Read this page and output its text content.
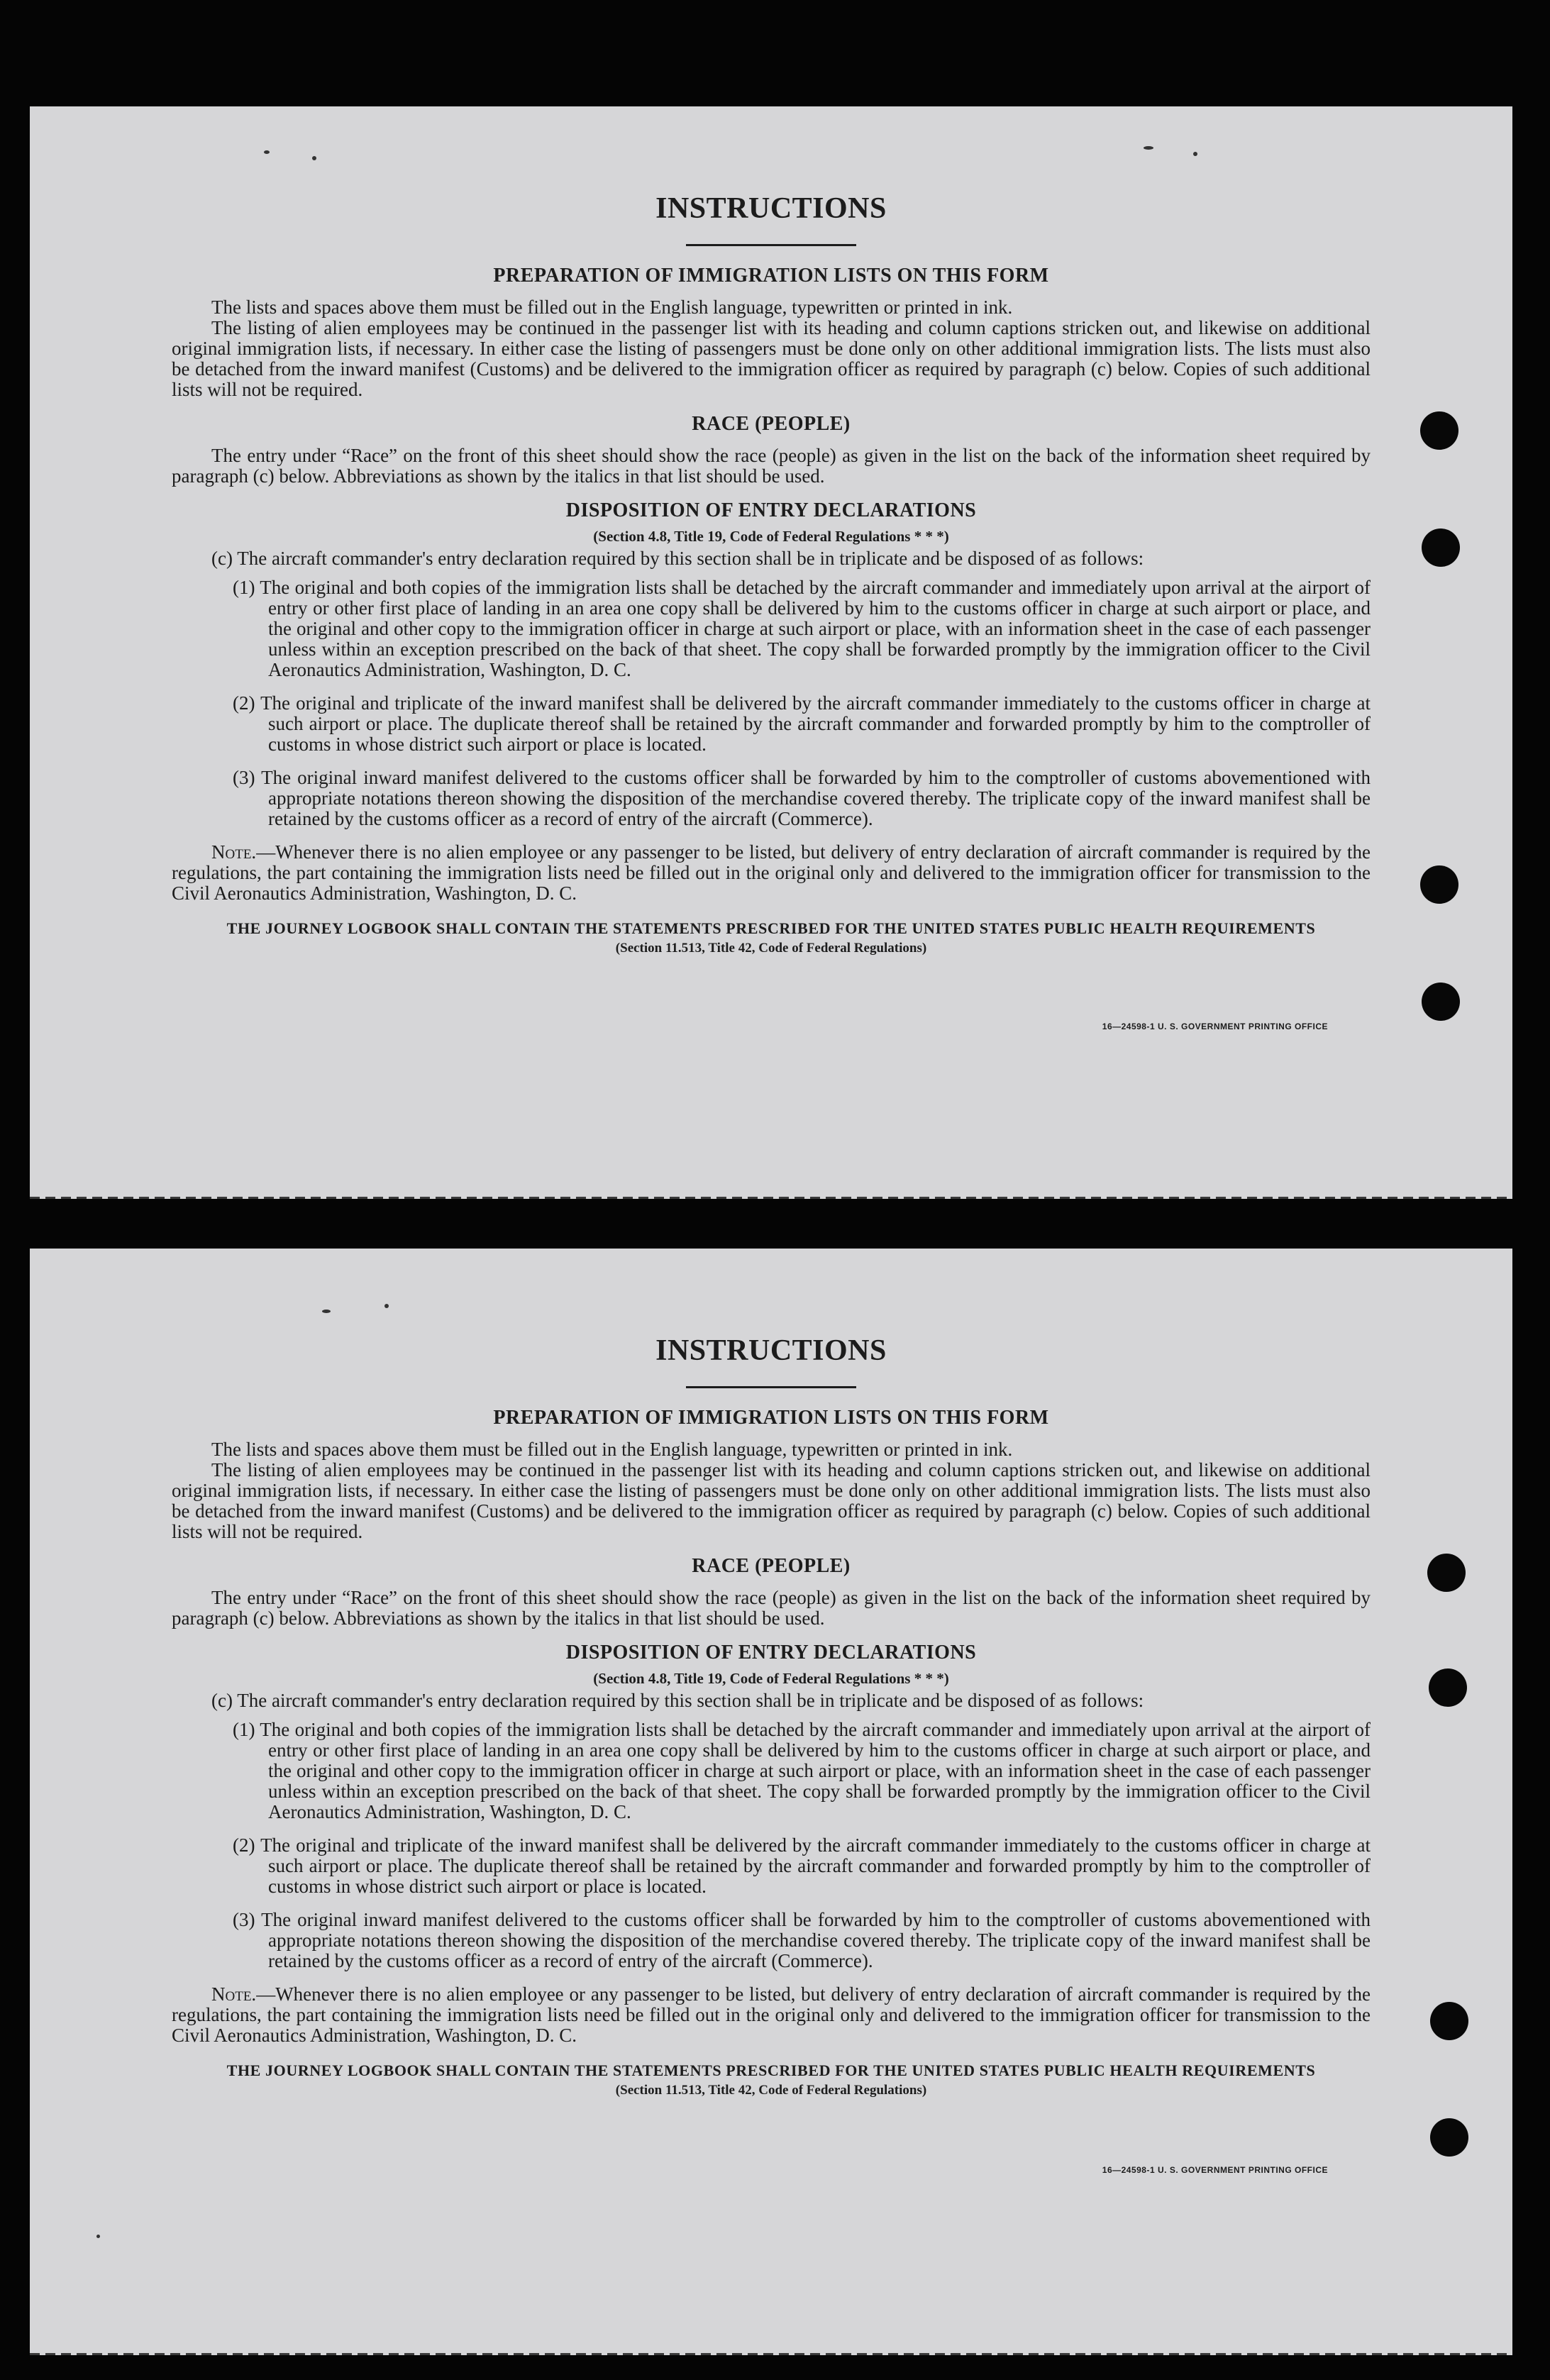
INSTRUCTIONS
PREPARATION OF IMMIGRATION LISTS ON THIS FORM

The lists and spaces above them must be filled out in the English language, typewritten or printed in ink.

The listing of alien employees may be continued in the passenger list with its heading and column captions stricken out, and likewise on additional original immigration lists, if necessary. In either case the listing of passengers must be done only on other additional immigration lists. The lists must also be detached from the inward manifest (Customs) and be delivered to the immigration officer as required by paragraph (c) below. Copies of such additional lists will not be required.

RACE (PEOPLE)

The entry under “Race” on the front of this sheet should show the race (people) as given in the list on the back of the information sheet required by paragraph (c) below. Abbreviations as shown by the italics in that list should be used.

DISPOSITION OF ENTRY DECLARATIONS
(Section 4.8, Title 19, Code of Federal Regulations * * *)

(c) The aircraft commander's entry declaration required by this section shall be in triplicate and be disposed of as follows:

(1) The original and both copies of the immigration lists shall be detached by the aircraft commander and immediately upon arrival at the airport of entry or other first place of landing in an area one copy shall be delivered by him to the customs officer in charge at such airport or place, and the original and other copy to the immigration officer in charge at such airport or place, with an information sheet in the case of each passenger unless within an exception prescribed on the back of that sheet. The copy shall be forwarded promptly by the immigration officer to the Civil Aeronautics Administration, Washington, D. C.

(2) The original and triplicate of the inward manifest shall be delivered by the aircraft commander immediately to the customs officer in charge at such airport or place. The duplicate thereof shall be retained by the aircraft commander and forwarded promptly by him to the comptroller of customs in whose district such airport or place is located.

(3) The original inward manifest delivered to the customs officer shall be forwarded by him to the comptroller of customs abovementioned with appropriate notations thereon showing the disposition of the merchandise covered thereby. The triplicate copy of the inward manifest shall be retained by the customs officer as a record of entry of the aircraft (Commerce).

Note.—Whenever there is no alien employee or any passenger to be listed, but delivery of entry declaration of aircraft commander is required by the regulations, the part containing the immigration lists need be filled out in the original only and delivered to the immigration officer for transmission to the Civil Aeronautics Administration, Washington, D. C.

THE JOURNEY LOGBOOK SHALL CONTAIN THE STATEMENTS PRESCRIBED FOR THE UNITED STATES PUBLIC HEALTH REQUIREMENTS
(Section 11.513, Title 42, Code of Federal Regulations)
16—24598-1 U. S. GOVERNMENT PRINTING OFFICE
INSTRUCTIONS
PREPARATION OF IMMIGRATION LISTS ON THIS FORM

The lists and spaces above them must be filled out in the English language, typewritten or printed in ink.

The listing of alien employees may be continued in the passenger list with its heading and column captions stricken out, and likewise on additional original immigration lists, if necessary. In either case the listing of passengers must be done only on other additional immigration lists. The lists must also be detached from the inward manifest (Customs) and be delivered to the immigration officer as required by paragraph (c) below. Copies of such additional lists will not be required.

RACE (PEOPLE)

The entry under “Race” on the front of this sheet should show the race (people) as given in the list on the back of the information sheet required by paragraph (c) below. Abbreviations as shown by the italics in that list should be used.

DISPOSITION OF ENTRY DECLARATIONS
(Section 4.8, Title 19, Code of Federal Regulations * * *)

(c) The aircraft commander's entry declaration required by this section shall be in triplicate and be disposed of as follows:

(1) The original and both copies of the immigration lists shall be detached by the aircraft commander and immediately upon arrival at the airport of entry or other first place of landing in an area one copy shall be delivered by him to the customs officer in charge at such airport or place, and the original and other copy to the immigration officer in charge at such airport or place, with an information sheet in the case of each passenger unless within an exception prescribed on the back of that sheet. The copy shall be forwarded promptly by the immigration officer to the Civil Aeronautics Administration, Washington, D. C.

(2) The original and triplicate of the inward manifest shall be delivered by the aircraft commander immediately to the customs officer in charge at such airport or place. The duplicate thereof shall be retained by the aircraft commander and forwarded promptly by him to the comptroller of customs in whose district such airport or place is located.

(3) The original inward manifest delivered to the customs officer shall be forwarded by him to the comptroller of customs abovementioned with appropriate notations thereon showing the disposition of the merchandise covered thereby. The triplicate copy of the inward manifest shall be retained by the customs officer as a record of entry of the aircraft (Commerce).

Note.—Whenever there is no alien employee or any passenger to be listed, but delivery of entry declaration of aircraft commander is required by the regulations, the part containing the immigration lists need be filled out in the original only and delivered to the immigration officer for transmission to the Civil Aeronautics Administration, Washington, D. C.

THE JOURNEY LOGBOOK SHALL CONTAIN THE STATEMENTS PRESCRIBED FOR THE UNITED STATES PUBLIC HEALTH REQUIREMENTS
(Section 11.513, Title 42, Code of Federal Regulations)
16—24598-1 U. S. GOVERNMENT PRINTING OFFICE
